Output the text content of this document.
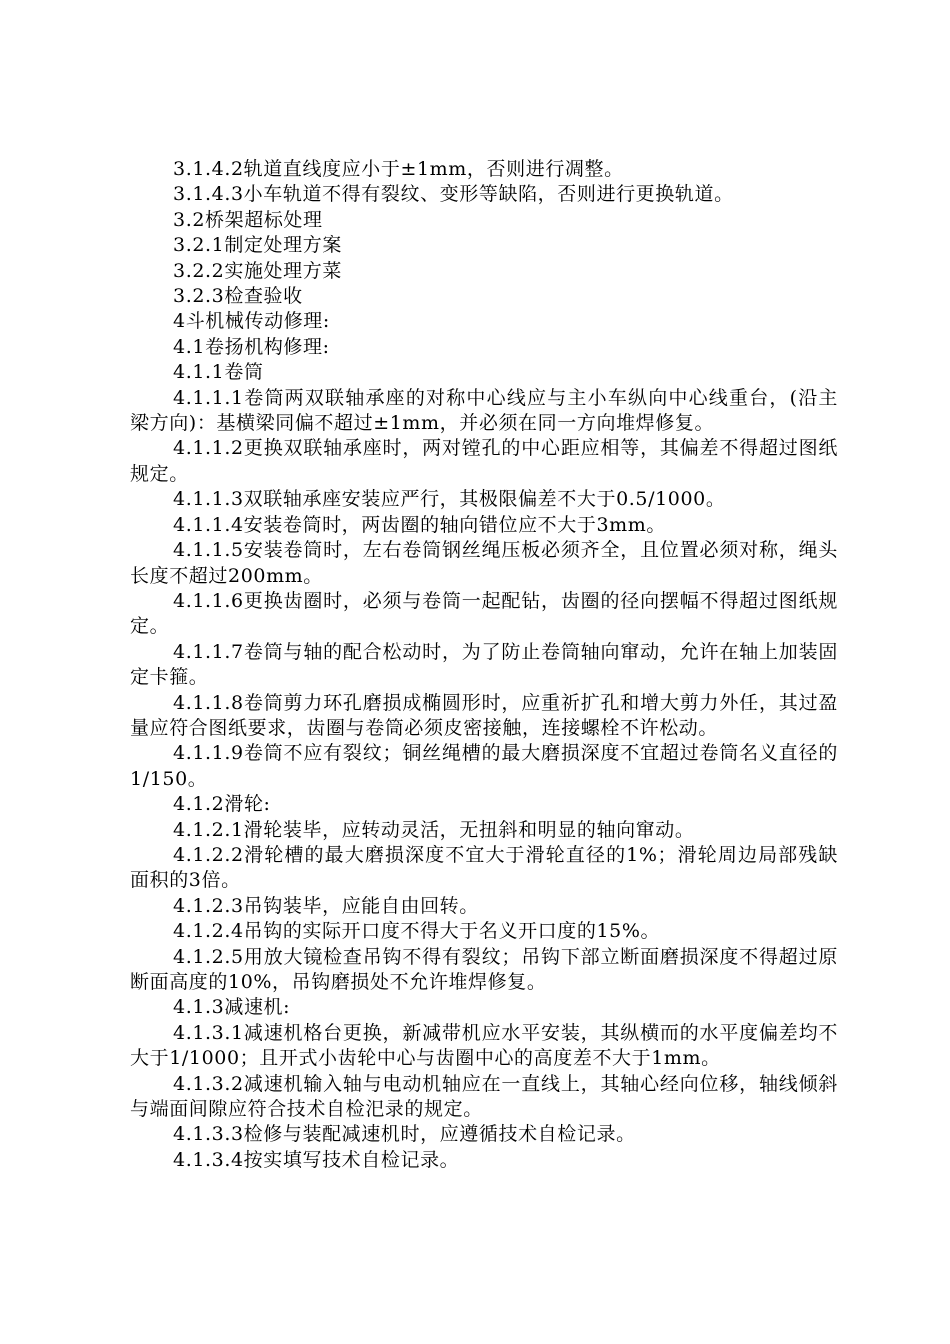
3.1.4.2轨道直线度应小于±1mm，否则进行凋整。

3.1.4.3小车轨道不得有裂纹、变形等缺陷，否则进行更换轨道。

3.2桥架超标处理

3.2.1制定处理方案

3.2.2实施处理方菜

3.2.3检查验收

4斗机械传动修理:

4.1卷扬机构修理:

4.1.1卷筒

4.1.1.1卷筒两双联轴承座的对称中心线应与主小车纵向中心线重台，(沿主梁方向)：基横梁同偏不超过±1mm，并必须在同一方向堆焊修复。

4.1.1.2更换双联轴承座时，两对镗孔的中心距应相等，其偏差不得超过图纸规定。

4.1.1.3双联轴承座安装应严行，其极限偏差不大于0.5/1000。

4.1.1.4安装卷筒时，两齿圈的轴向错位应不大于3mm。

4.1.1.5安装卷筒时，左右卷筒钢丝绳压板必须齐全，且位置必须对称，绳头长度不超过200mm。

4.1.1.6更换齿圈时，必须与卷筒一起配钻，齿圈的径向摆幅不得超过图纸规定。

4.1.1.7卷筒与轴的配合松动时，为了防止卷筒轴向窜动，允许在轴上加装固定卡箍。

4.1.1.8卷筒剪力环孔磨损成椭圆形时，应重祈扩孔和增大剪力外任，其过盈量应符合图纸要求，齿圈与卷筒必须皮密接触，连接螺栓不许松动。

4.1.1.9卷筒不应有裂纹；铜丝绳槽的最大磨损深度不宜超过卷筒名义直径的1/150。

4.1.2滑轮:

4.1.2.1滑轮装毕，应转动灵活，无扭斜和明显的轴向窜动。

4.1.2.2滑轮槽的最大磨损深度不宜大于滑轮直径的1%；滑轮周边局部残缺面积的3倍。

4.1.2.3吊钩装毕，应能自由回转。

4.1.2.4吊钩的实际开口度不得大于名义开口度的15%。

4.1.2.5用放大镜检查吊钩不得有裂纹；吊钩下部立断面磨损深度不得超过原断面高度的10%，吊钩磨损处不允许堆焊修复。

4.1.3减速机:

4.1.3.1减速机格台更换，新减带机应水平安装，其纵横而的水平度偏差均不大于1/1000；且开式小齿轮中心与齿圈中心的高度差不大于1mm。

4.1.3.2减速机输入轴与电动机轴应在一直线上，其轴心经向位移，轴线倾斜与端面间隙应符合技术自检汜录的规定。

4.1.3.3检修与装配减速机时，应遵循技术自检记录。

4.1.3.4按实填写技术自检记录。
